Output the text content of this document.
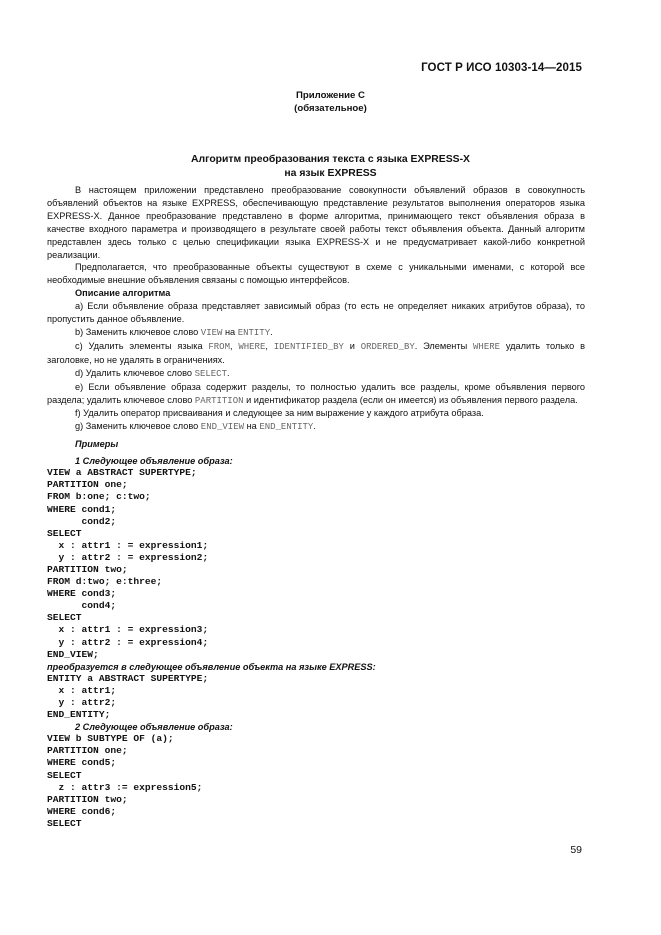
ГОСТ Р ИСО 10303-14—2015
Приложение С
(обязательное)
Алгоритм преобразования текста с языка EXPRESS-X
на язык EXPRESS

В настоящем приложении представлено преобразование совокупности объявлений образов в совокупность объявлений объектов на языке EXPRESS, обеспечивающую представление результатов выполнения операторов языка EXPRESS-X. Данное преобразование представлено в форме алгоритма, принимающего текст объявления образа в качестве входного параметра и производящего в результате своей работы текст объявления объекта. Данный алгоритм представлен здесь только с целью спецификации языка EXPRESS-X и не предусматривает какой-либо конкретной реализации.

Предполагается, что преобразованные объекты существуют в схеме с уникальными именами, с которой все необходимые внешние объявления связаны с помощью интерфейсов.

Описание алгоритма

a) Если объявление образа представляет зависимый образ (то есть не определяет никаких атрибутов образа), то пропустить данное объявление.

b) Заменить ключевое слово VIEW на ENTITY.

c) Удалить элементы языка FROM, WHERE, IDENTIFIED_BY и ORDERED_BY. Элементы WHERE удалить только в заголовке, но не удалять в ограничениях.

d) Удалить ключевое слово SELECT.

e) Если объявление образа содержит разделы, то полностью удалить все разделы, кроме объявления первого раздела; удалить ключевое слово PARTITION и идентификатор раздела (если он имеется) из объявления первого раздела.

f) Удалить оператор присваивания и следующее за ним выражение у каждого атрибута образа.

g) Заменить ключевое слово END_VIEW на END_ENTITY.

Примеры

1 Следующее объявление образа:

VIEW a ABSTRACT SUPERTYPE;
PARTITION one;
FROM b:one; c:two;
WHERE cond1;
cond2;
SELECT
x : attr1 : = expression1;
y : attr2 : = expression2;
PARTITION two;
FROM d:two; e:three;
WHERE cond3;
cond4;
SELECT
x : attr1 : = expression3;
y : attr2 : = expression4;
END_VIEW;

преобразуется в следующее объявление объекта на языке EXPRESS:

ENTITY a ABSTRACT SUPERTYPE;
x : attr1;
y : attr2;
END_ENTITY;

2 Следующее объявление образа:

VIEW b SUBTYPE OF (a);
PARTITION one;
WHERE cond5;
SELECT
z : attr3 := expression5;
PARTITION two;
WHERE cond6;
SELECT
59
